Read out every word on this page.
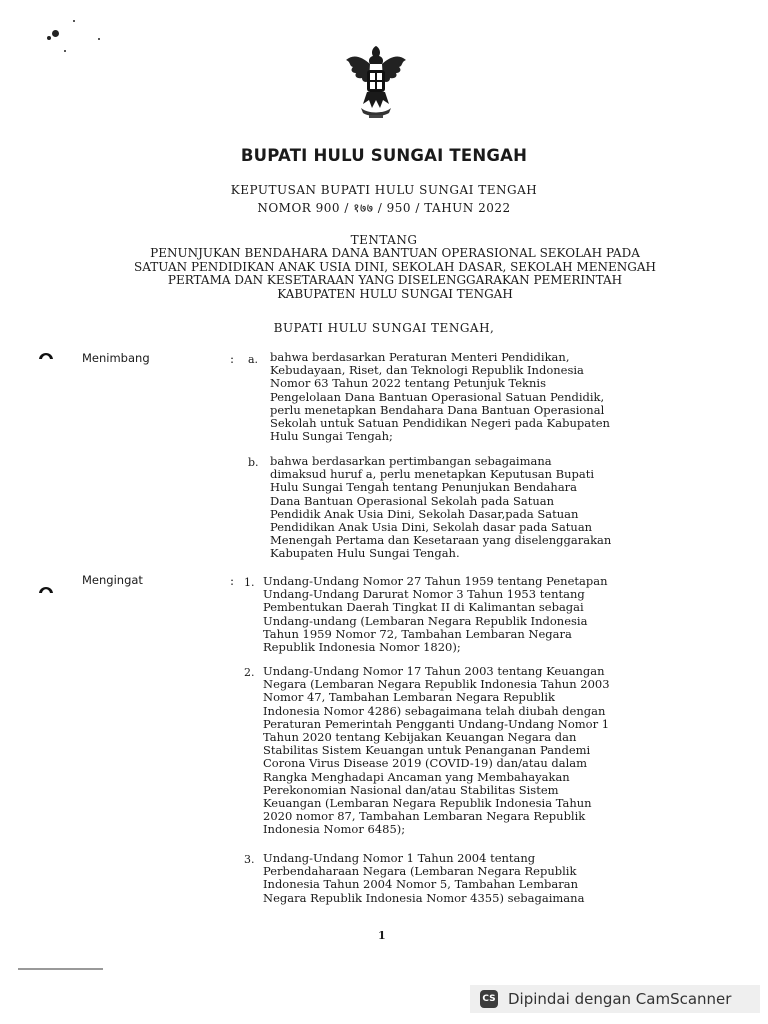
BUPATI HULU SUNGAI TENGAH
KEPUTUSAN BUPATI HULU SUNGAI TENGAH
NOMOR 900 / १७७ / 950 / TAHUN 2022
TENTANG
PENUNJUKAN BENDAHARA DANA BANTUAN OPERASIONAL SEKOLAH PADA
SATUAN PENDIDIKAN ANAK USIA DINI, SEKOLAH DASAR, SEKOLAH MENENGAH
PERTAMA DAN KESETARAAN YANG DISELENGGARAKAN PEMERINTAH
KABUPATEN HULU SUNGAI TENGAH
BUPATI HULU SUNGAI TENGAH,
Menimbang	: a. bahwa berdasarkan Peraturan Menteri Pendidikan,
Kebudayaan, Riset, dan Teknologi Republik Indonesia
Nomor 63 Tahun 2022 tentang Petunjuk Teknis
Pengelolaan Dana Bantuan Operasional Satuan Pendidik,
perlu menetapkan Bendahara Dana Bantuan Operasional
Sekolah untuk Satuan Pendidikan Negeri pada Kabupaten
Hulu Sungai Tengah;
b. bahwa berdasarkan pertimbangan sebagaimana
dimaksud huruf a, perlu menetapkan Keputusan Bupati
Hulu Sungai Tengah tentang Penunjukan Bendahara
Dana Bantuan Operasional Sekolah pada Satuan
Pendidik Anak Usia Dini, Sekolah Dasar,pada Satuan
Pendidikan Anak Usia Dini, Sekolah dasar pada Satuan
Menengah Pertama dan Kesetaraan yang diselenggarakan
Kabupaten Hulu Sungai Tengah.
Mengingat	: 1. Undang-Undang Nomor 27 Tahun 1959 tentang Penetapan
Undang-Undang Darurat Nomor 3 Tahun 1953 tentang
Pembentukan Daerah Tingkat II di Kalimantan sebagai
Undang-undang (Lembaran Negara Republik Indonesia
Tahun 1959 Nomor 72, Tambahan Lembaran Negara
Republik Indonesia Nomor 1820);
2. Undang-Undang Nomor 17 Tahun 2003 tentang Keuangan
Negara (Lembaran Negara Republik Indonesia Tahun 2003
Nomor 47, Tambahan Lembaran Negara Republik
Indonesia Nomor 4286) sebagaimana telah diubah dengan
Peraturan Pemerintah Pengganti Undang-Undang Nomor 1
Tahun 2020 tentang Kebijakan Keuangan Negara dan
Stabilitas Sistem Keuangan untuk Penanganan Pandemi
Corona Virus Disease 2019 (COVID-19) dan/atau dalam
Rangka Menghadapi Ancaman yang Membahayakan
Perekonomian Nasional dan/atau Stabilitas Sistem
Keuangan (Lembaran Negara Republik Indonesia Tahun
2020 nomor 87, Tambahan Lembaran Negara Republik
Indonesia Nomor 6485);
3. Undang-Undang Nomor 1 Tahun 2004 tentang
Perbendaharaan Negara (Lembaran Negara Republik
Indonesia Tahun 2004 Nomor 5, Tambahan Lembaran
Negara Republik Indonesia Nomor 4355) sebagaimana
1
CS Dipindai dengan CamScanner
